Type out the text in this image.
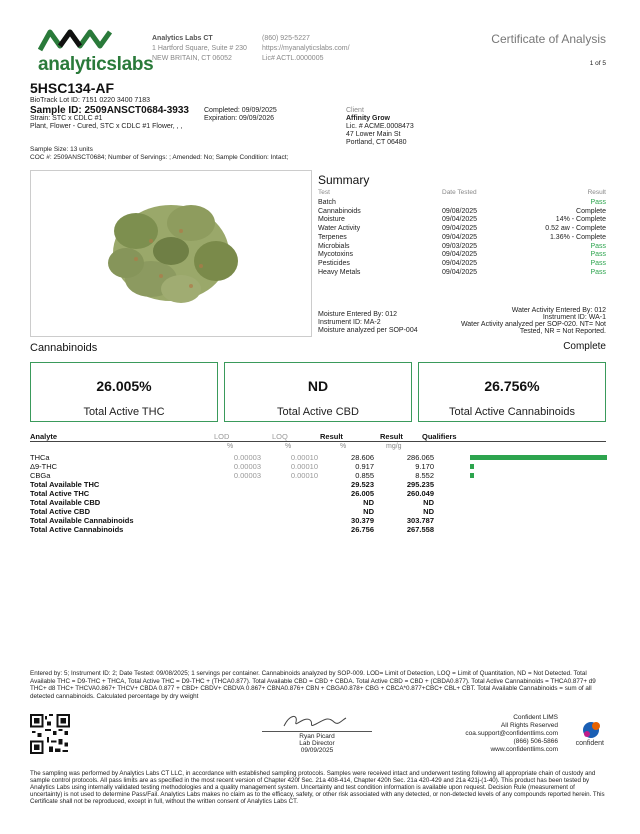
analyticslabs
Analytics Labs CT
1 Hartford Square, Suite # 230
NEW BRITAIN, CT 06052
(860) 925-5227
https://myanalyticslabs.com/
Lic# ACTL.0000005
Certificate of Analysis
1 of 5
5HSC134-AF
BioTrack Lot ID: 7151 0220 3400 7183
Sample ID: 2509ANSCT0684-3933
Strain: STC x CDLC #1
Plant, Flower - Cured, STC x CDLC #1 Flower, , ,
Completed: 09/09/2025
Expiration: 09/09/2026
Client
Affinity Grow
Lic. # ACME.0008473
47 Lower Main St
Portland, CT 06480
Sample Size: 13 units
COC #: 2509ANSCT0684; Number of Servings: ; Amended: No; Sample Condition: Intact;
Summary
Test	Date Tested	Result
Batch	Pass
Cannabinoids	09/08/2025	Complete
Moisture	09/04/2025	14% - Complete
Water Activity	09/04/2025	0.52 aw - Complete
Terpenes	09/04/2025	1.36% - Complete
Microbials	09/03/2025	Pass
Mycotoxins	09/04/2025	Pass
Pesticides	09/04/2025	Pass
Heavy Metals	09/04/2025	Pass
Moisture Entered By: 012
Instrument ID: MA-2
Moisture analyzed per SOP-004
Water Activity Entered By: 012
Instrument ID: WA-1
Water Activity analyzed per SOP-020. NT= Not
Tested, NR = Not Reported.
Cannabinoids	Complete
26.005%
Total Active THC
ND
Total Active CBD
26.756%
Total Active Cannabinoids
Analyte	LOD	LOQ	Result	Result	Qualifiers
%	%	%	mg/g
THCa	0.00003	0.00010	28.606	286.065
Δ9-THC	0.00003	0.00010	0.917	9.170
CBGa	0.00003	0.00010	0.855	8.552
Total Available THC	29.523	295.235
Total Active THC	26.005	260.049
Total Available CBD	ND	ND
Total Active CBD	ND	ND
Total Available Cannabinoids	30.379	303.787
Total Active Cannabinoids	26.756	267.558
Entered by: 5; Instrument ID: 2; Date Tested: 09/08/2025; 1 servings per container. Cannabinoids analyzed by SOP-009. LOD= Limit of Detection, LOQ = Limit of Quantitation, ND = Not Detected. Total Available THC = D9-THC + THCA, Total Active THC = D9-THC + (THCA0.877). Total Available CBD = CBD + CBDA. Total Active CBD = CBD + (CBDA0.877). Total Active Cannabinoids = THCA0.877+ d9 THC+ d8 THC+ THCVA0.867+ THCV+ CBDA 0.877 + CBD+ CBDV+ CBDVA 0.867+ CBNA0.876+ CBN + CBGA0.878+ CBG + CBCA*0.877+CBC+ CBL+ CBT. Total Available Cannabinoids = sum of all detected cannabinoids. Calculated percentage by dry weight
Ryan Picard
Lab Director
09/09/2025
Confident LIMS
All Rights Reserved
coa.support@confidentlims.com
(866) 506-5866
www.confidentlims.com
confident
The sampling was performed by Analytics Labs CT LLC, in accordance with established sampling protocols. Samples were received intact and underwent testing following all appropriate chain of custody and sample control protocols. All pass limits are as specified in the most recent version of Chapter 420f Sec. 21a 408-414, Chapter 420h Sec. 21a 420-429 and 21a 421j-(1-40). This product has been tested by Analytics Labs using internally validated testing methodologies and a quality management system. Uncertainty and test condition information is available upon request. Decision Rule (measurement of uncertainty) is not used to determine Pass/Fail. Analytics Labs makes no claim as to the efficacy, safety, or other risk associated with any detected, or non-detected levels of any compounds reported herein. This Certificate shall not be reproduced, except in full, without the written consent of Analytics Labs CT.
